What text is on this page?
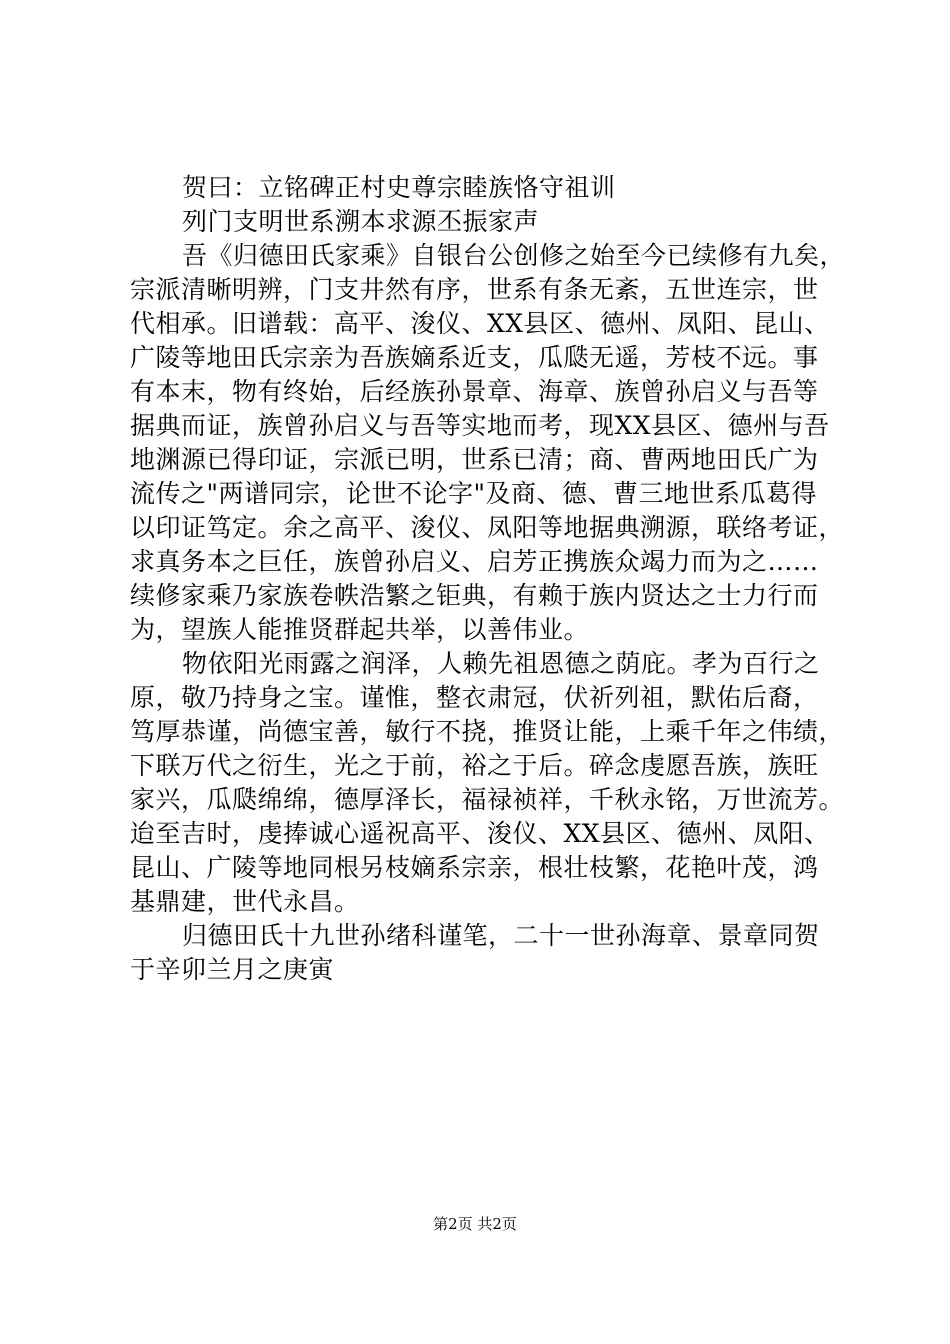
贺曰：立铭碑正村史尊宗睦族恪守祖训
列门支明世系溯本求源丕振家声
吾《归德田氏家乘》自银台公创修之始至今已续修有九矣，
宗派清晰明辨，门支井然有序，世系有条无紊，五世连宗，世
代相承。旧谱载：高平、浚仪、XX县区、德州、凤阳、昆山、
广陵等地田氏宗亲为吾族嫡系近支，瓜瓞无遥，芳枝不远。事
有本末，物有终始，后经族孙景章、海章、族曾孙启义与吾等
据典而证，族曾孙启义与吾等实地而考，现XX县区、德州与吾
地渊源已得印证，宗派已明，世系已清；商、曹两地田氏广为
流传之"两谱同宗，论世不论字"及商、德、曹三地世系瓜葛得
以印证笃定。余之高平、浚仪、凤阳等地据典溯源，联络考证，
求真务本之巨任，族曾孙启义、启芳正携族众竭力而为之……
续修家乘乃家族卷帙浩繁之钜典，有赖于族内贤达之士力行而
为，望族人能推贤群起共举，以善伟业。
物依阳光雨露之润泽，人赖先祖恩德之荫庇。孝为百行之
原，敬乃持身之宝。谨惟，整衣肃冠，伏祈列祖，默佑后裔，
笃厚恭谨，尚德宝善，敏行不挠，推贤让能，上乘千年之伟绩，
下联万代之衍生，光之于前，裕之于后。碎念虔愿吾族，族旺
家兴，瓜瓞绵绵，德厚泽长，福禄祯祥，千秋永铭，万世流芳。
迨至吉时，虔捧诚心遥祝高平、浚仪、XX县区、德州、凤阳、
昆山、广陵等地同根另枝嫡系宗亲，根壮枝繁，花艳叶茂，鸿
基鼎建，世代永昌。
归德田氏十九世孙绪科谨笔，二十一世孙海章、景章同贺
于辛卯兰月之庚寅
第2页 共2页
